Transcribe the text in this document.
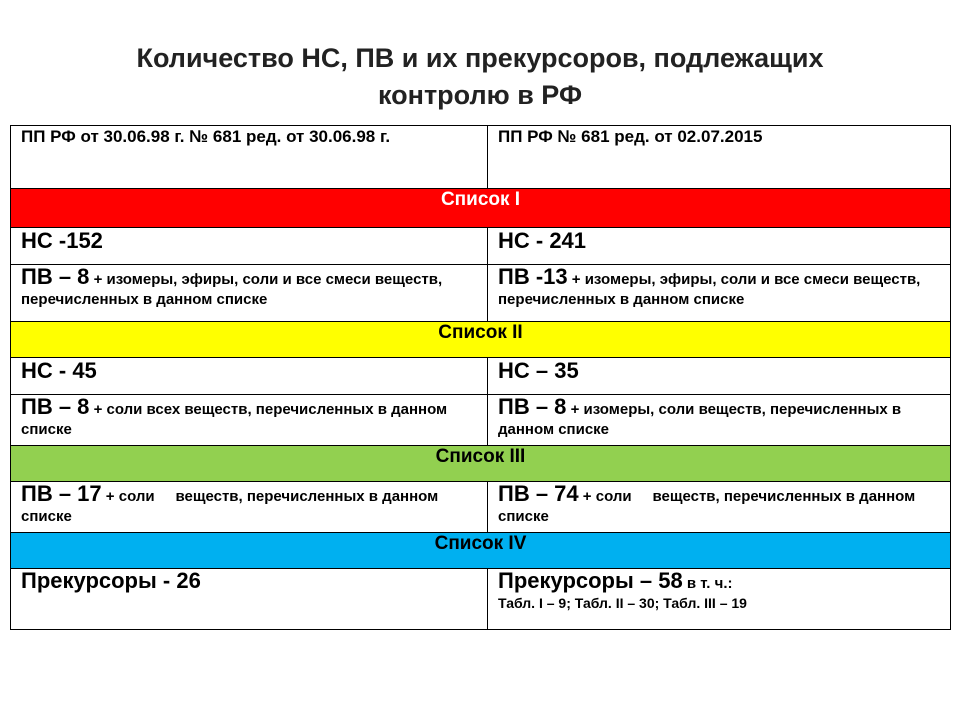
Количество НС, ПВ и их прекурсоров, подлежащих
контролю в РФ
ПП РФ от 30.06.98 г. № 681 ред. от 30.06.98 г.	ПП РФ № 681 ред. от 02.07.2015
Список I	
НС -152	НС - 241
ПВ – 8 + изомеры, эфиры, соли и все смеси веществ, перечисленных в данном списке	ПВ -13 + изомеры, эфиры, соли и все смеси веществ, перечисленных в данном списке
Список II	
НС - 45	НС – 35
ПВ – 8 + соли всех веществ, перечисленных в данном списке	ПВ – 8 + изомеры, соли веществ, перечисленных в данном списке
Список III	
ПВ – 17 + соли     веществ, перечисленных в данном списке	ПВ – 74 + соли     веществ, перечисленных в данном списке
Список IV	
Прекурсоры - 26	Прекурсоры – 58 в т. ч.:
Табл. I – 9; Табл. II – 30; Табл. III – 19
